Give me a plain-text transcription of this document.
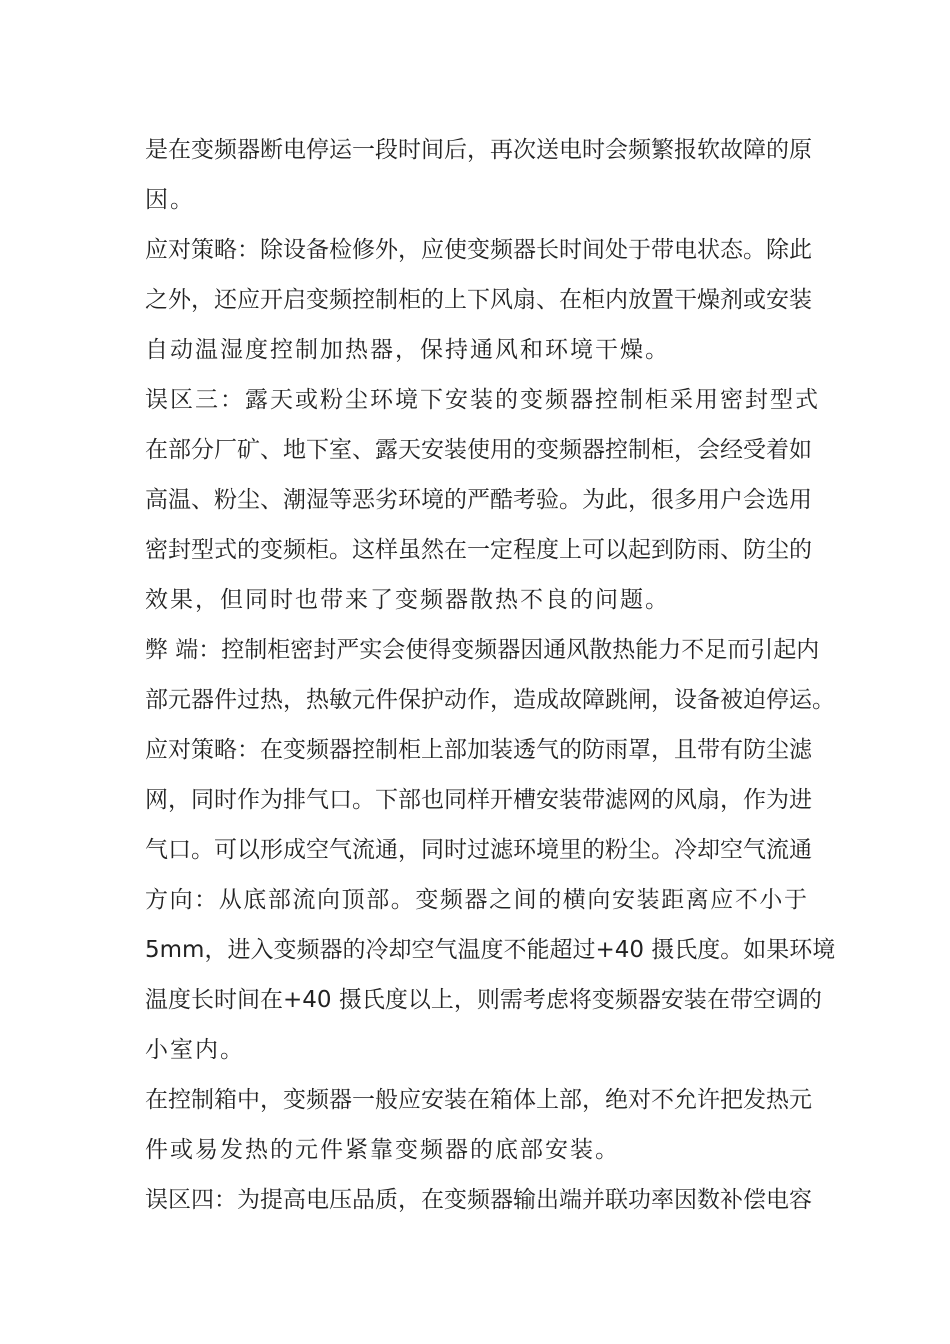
是在变频器断电停运一段时间后，再次送电时会频繁报软故障的原
因。
应对策略：除设备检修外，应使变频器长时间处于带电状态。除此
之外，还应开启变频控制柜的上下风扇、在柜内放置干燥剂或安装
自动温湿度控制加热器，保持通风和环境干燥。
误区三：露天或粉尘环境下安装的变频器控制柜采用密封型式
在部分厂矿、地下室、露天安装使用的变频器控制柜，会经受着如
高温、粉尘、潮湿等恶劣环境的严酷考验。为此，很多用户会选用
密封型式的变频柜。这样虽然在一定程度上可以起到防雨、防尘的
效果，但同时也带来了变频器散热不良的问题。
弊 端：控制柜密封严实会使得变频器因通风散热能力不足而引起内
部元器件过热，热敏元件保护动作，造成故障跳闸，设备被迫停运。
应对策略：在变频器控制柜上部加装透气的防雨罩，且带有防尘滤
网，同时作为排气口。下部也同样开槽安装带滤网的风扇，作为进
气口。可以形成空气流通，同时过滤环境里的粉尘。冷却空气流通
方向：从底部流向顶部。变频器之间的横向安装距离应不小于
5mm，进入变频器的冷却空气温度不能超过+40 摄氏度。如果环境
温度长时间在+40 摄氏度以上，则需考虑将变频器安装在带空调的
小室内。
在控制箱中，变频器一般应安装在箱体上部，绝对不允许把发热元
件或易发热的元件紧靠变频器的底部安装。
误区四：为提高电压品质，在变频器输出端并联功率因数补偿电容
